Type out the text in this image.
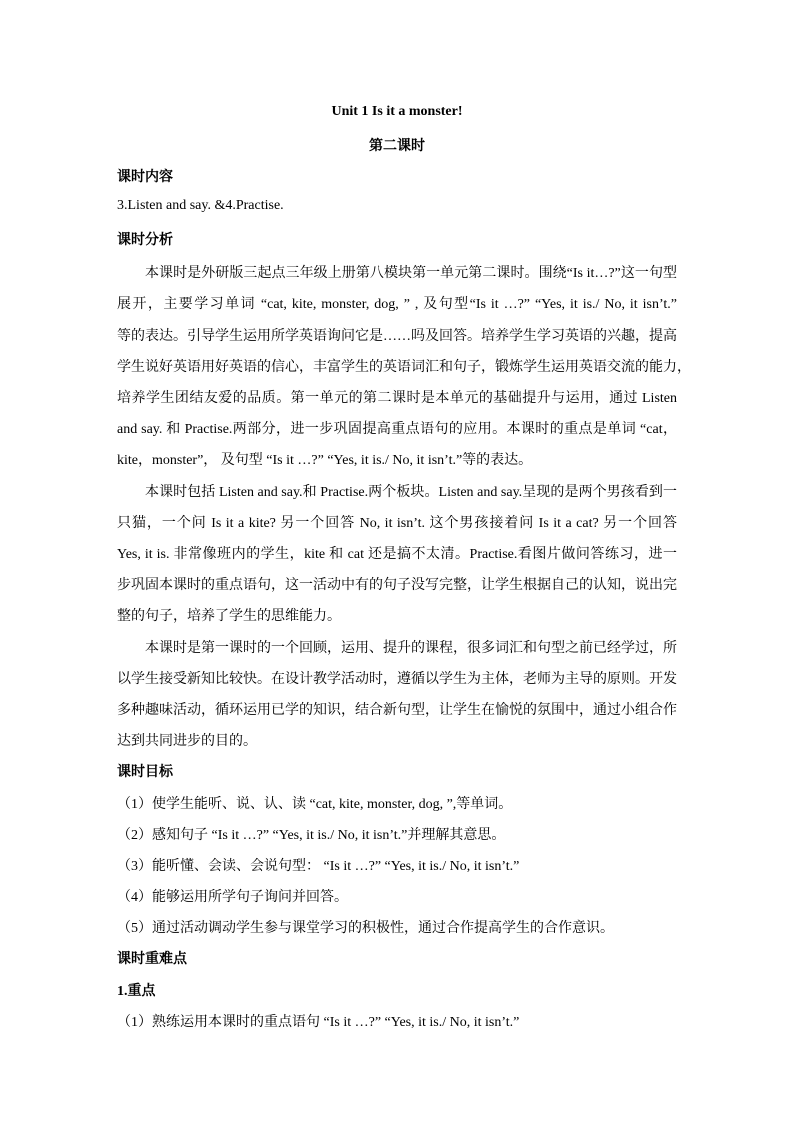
Unit 1 Is it a monster!
第二课时
课时内容
3.Listen and say. &4.Practise.
课时分析
本课时是外研版三起点三年级上册第八模块第一单元第二课时。围绕“Is it…?”这一句型
展开，主要学习单词 “cat, kite, monster, dog, ” , 及句型“Is it …?” “Yes, it is./ No, it isn’t.”
等的表达。引导学生运用所学英语询问它是……吗及回答。培养学生学习英语的兴趣，提高
学生说好英语用好英语的信心，丰富学生的英语词汇和句子，锻炼学生运用英语交流的能力，
培养学生团结友爱的品质。第一单元的第二课时是本单元的基础提升与运用，通过 Listen
and say. 和 Practise.两部分，进一步巩固提高重点语句的应用。本课时的重点是单词 “cat，
kite，monster”， 及句型 “Is it …?” “Yes, it is./ No, it isn’t.”等的表达。
本课时包括 Listen and say.和 Practise.两个板块。Listen and say.呈现的是两个男孩看到一
只猫，一个问 Is it a kite? 另一个回答 No, it isn’t. 这个男孩接着问 Is it a cat? 另一个回答
Yes, it is. 非常像班内的学生，kite 和 cat 还是搞不太清。Practise.看图片做问答练习，进一
步巩固本课时的重点语句，这一活动中有的句子没写完整，让学生根据自己的认知，说出完
整的句子，培养了学生的思维能力。
本课时是第一课时的一个回顾，运用、提升的课程，很多词汇和句型之前已经学过，所
以学生接受新知比较快。在设计教学活动时，遵循以学生为主体，老师为主导的原则。开发
多种趣味活动，循环运用已学的知识，结合新句型，让学生在愉悦的氛围中，通过小组合作
达到共同进步的目的。
课时目标
（1）使学生能听、说、认、读 “cat, kite, monster, dog, ”,等单词。
（2）感知句子 “Is it …?” “Yes, it is./ No, it isn’t.”并理解其意思。
（3）能听懂、会读、会说句型： “Is it …?” “Yes, it is./ No, it isn’t.”
（4）能够运用所学句子询问并回答。
（5）通过活动调动学生参与课堂学习的积极性，通过合作提高学生的合作意识。
课时重难点
1.重点
（1）熟练运用本课时的重点语句 “Is it …?” “Yes, it is./ No, it isn’t.”
